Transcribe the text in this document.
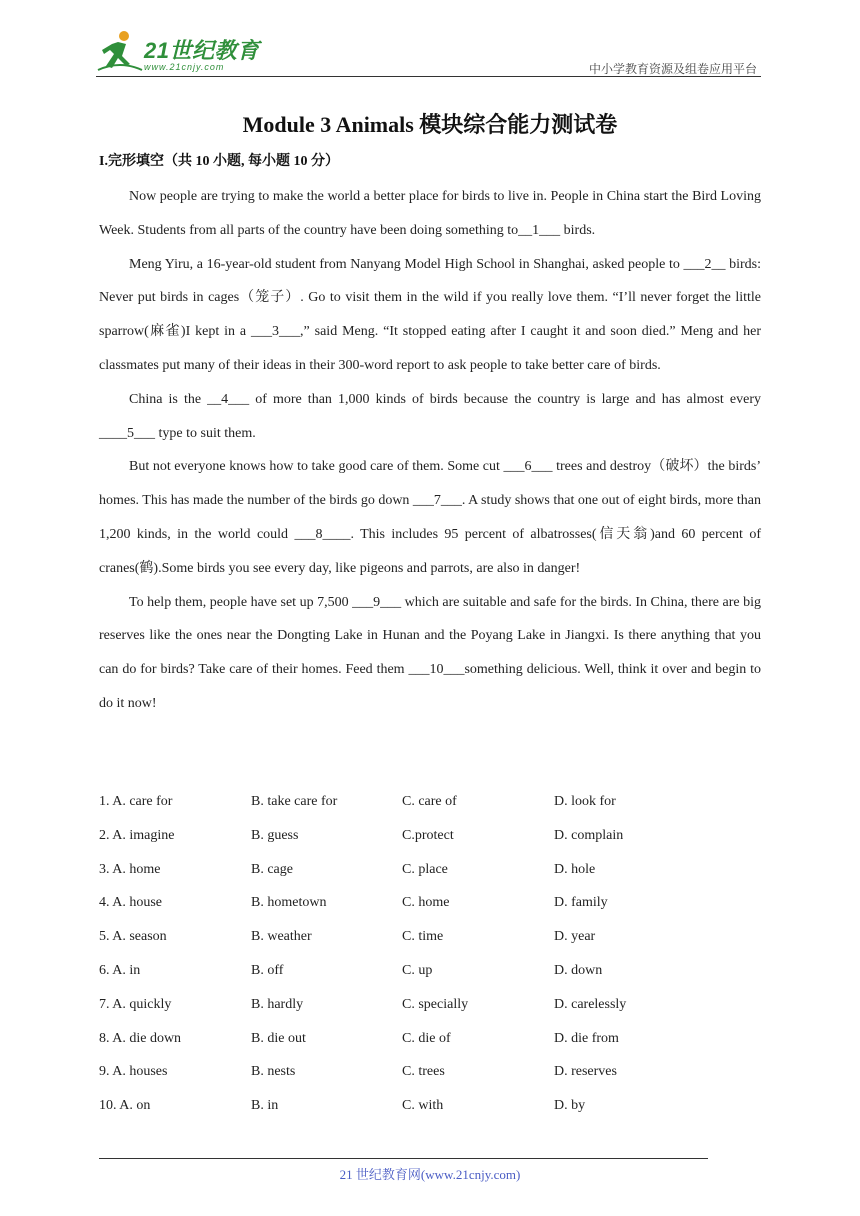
21世纪教育
www.21cnjy.com	中小学教育资源及组卷应用平台
Module 3 Animals 模块综合能力测试卷
I.完形填空（共 10 小题, 每小题 10 分）

Now people are trying to make the world a better place for birds to live in. People in China start the Bird Loving Week. Students from all parts of the country have been doing something to__1___ birds.

Meng Yiru, a 16-year-old student from Nanyang Model High School in Shanghai, asked people to ___2__ birds: Never put birds in cages（笼子）. Go to visit them in the wild if you really love them. “I’ll never forget the little sparrow(麻雀)I kept in a ___3___,” said Meng. “It stopped eating after I caught it and soon died.” Meng and her classmates put many of their ideas in their 300-word report to ask people to take better care of birds.

China is the __4___ of more than 1,000 kinds of birds because the country is large and has almost every ____5___ type to suit them.

But not everyone knows how to take good care of them. Some cut ___6___ trees and destroy（破坏）the birds’ homes. This has made the number of the birds go down ___7___. A study shows that one out of eight birds, more than 1,200 kinds, in the world could ___8____. This includes 95 percent of albatrosses(信天翁)and 60 percent of cranes(鹤).Some birds you see every day, like pigeons and parrots, are also in danger!

To help them, people have set up 7,500 ___9___ which are suitable and safe for the birds. In China, there are big reserves like the ones near the Dongting Lake in Hunan and the Poyang Lake in Jiangxi. Is there anything that you can do for birds? Take care of their homes. Feed them ___10___something delicious. Well, think it over and begin to do it now!

1. A. care for	B. take care for	C. care of	D. look for
2. A. imagine	B. guess	C.protect	D. complain
3. A. home	B. cage	C. place	D. hole
4. A. house	B. hometown	C. home	D. family
5. A. season	B. weather	C. time	D. year
6. A. in	B. off	C. up	D. down
7. A. quickly	B. hardly	C. specially	D. carelessly
8. A. die down	B. die out	C. die of	D. die from
9. A. houses	B. nests	C. trees	D. reserves
10. A. on	B. in	C. with	D. by
21 世纪教育网(www.21cnjy.com)
